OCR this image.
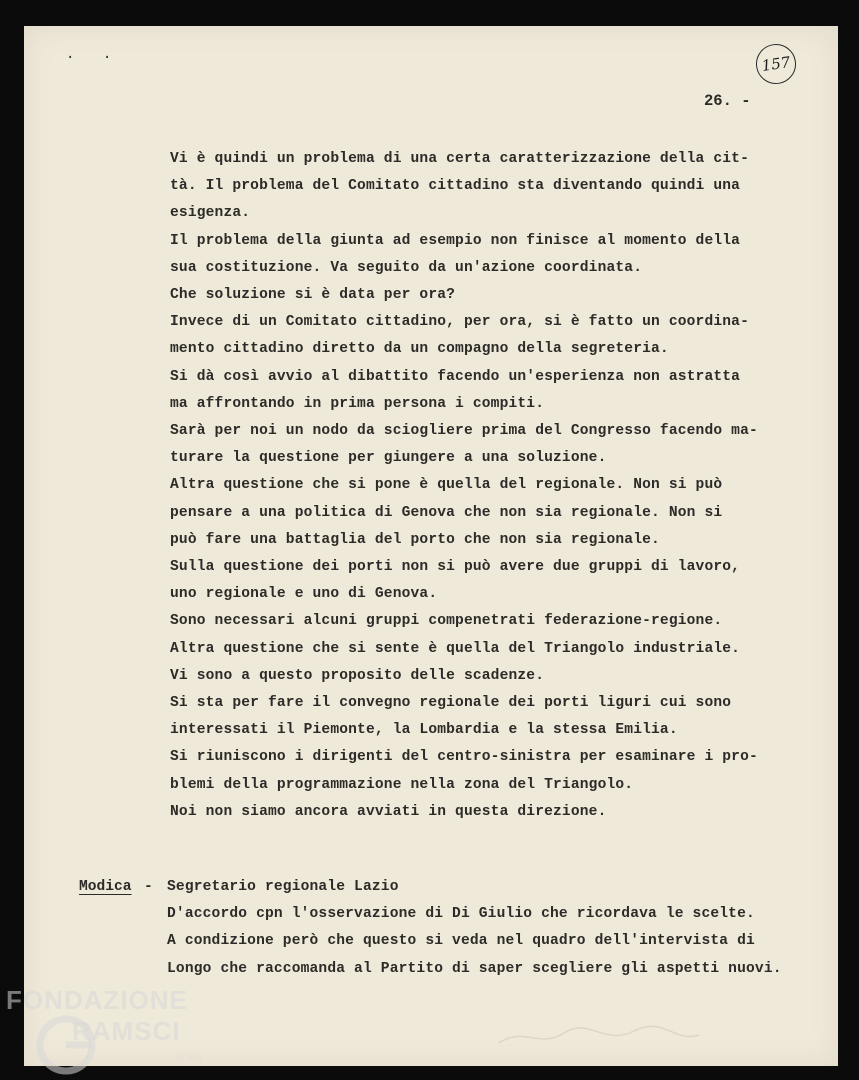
· ·	157
26. -
Vi è quindi un problema di una certa caratterizzazione della cit-
tà. Il problema del Comitato cittadino sta diventando quindi una
esigenza.
Il problema della giunta ad esempio non finisce al momento della
sua costituzione. Va seguito da un'azione coordinata.
Che soluzione si è data per ora?
Invece di un Comitato cittadino, per ora, si è fatto un coordina-
mento cittadino diretto da un compagno della segreteria.
Si dà così avvio al dibattito facendo un'esperienza non astratta
ma affrontando in prima persona i compiti.
Sarà per noi un nodo da sciogliere prima del Congresso facendo ma-
turare la questione per giungere a una soluzione.
Altra questione che si pone è quella del regionale. Non si può
pensare a una politica di Genova che non sia regionale. Non si
può fare una battaglia del porto che non sia regionale.
Sulla questione dei porti non si può avere due gruppi di lavoro,
uno regionale e uno di Genova.
Sono necessari alcuni gruppi compenetrati federazione-regione.
Altra questione che si sente è quella del Triangolo industriale.
Vi sono a questo proposito delle scadenze.
Si sta per fare il convegno regionale dei porti liguri cui sono
interessati il Piemonte, la Lombardia e la stessa Emilia.
Si riuniscono i dirigenti del centro-sinistra per esaminare i pro-
blemi della programmazione nella zona del Triangolo.
Noi non siamo ancora avviati in questa direzione.
Modica - Segretario regionale Lazio
D'accordo cpn l'osservazione di Di Giulio che ricordava le scelte.
A condizione però che questo si veda nel quadro dell'intervista di
Longo che raccomanda al Partito di saper scegliere gli aspetti nuovi.
FONDAZIONE
RAMSCI
onlus
